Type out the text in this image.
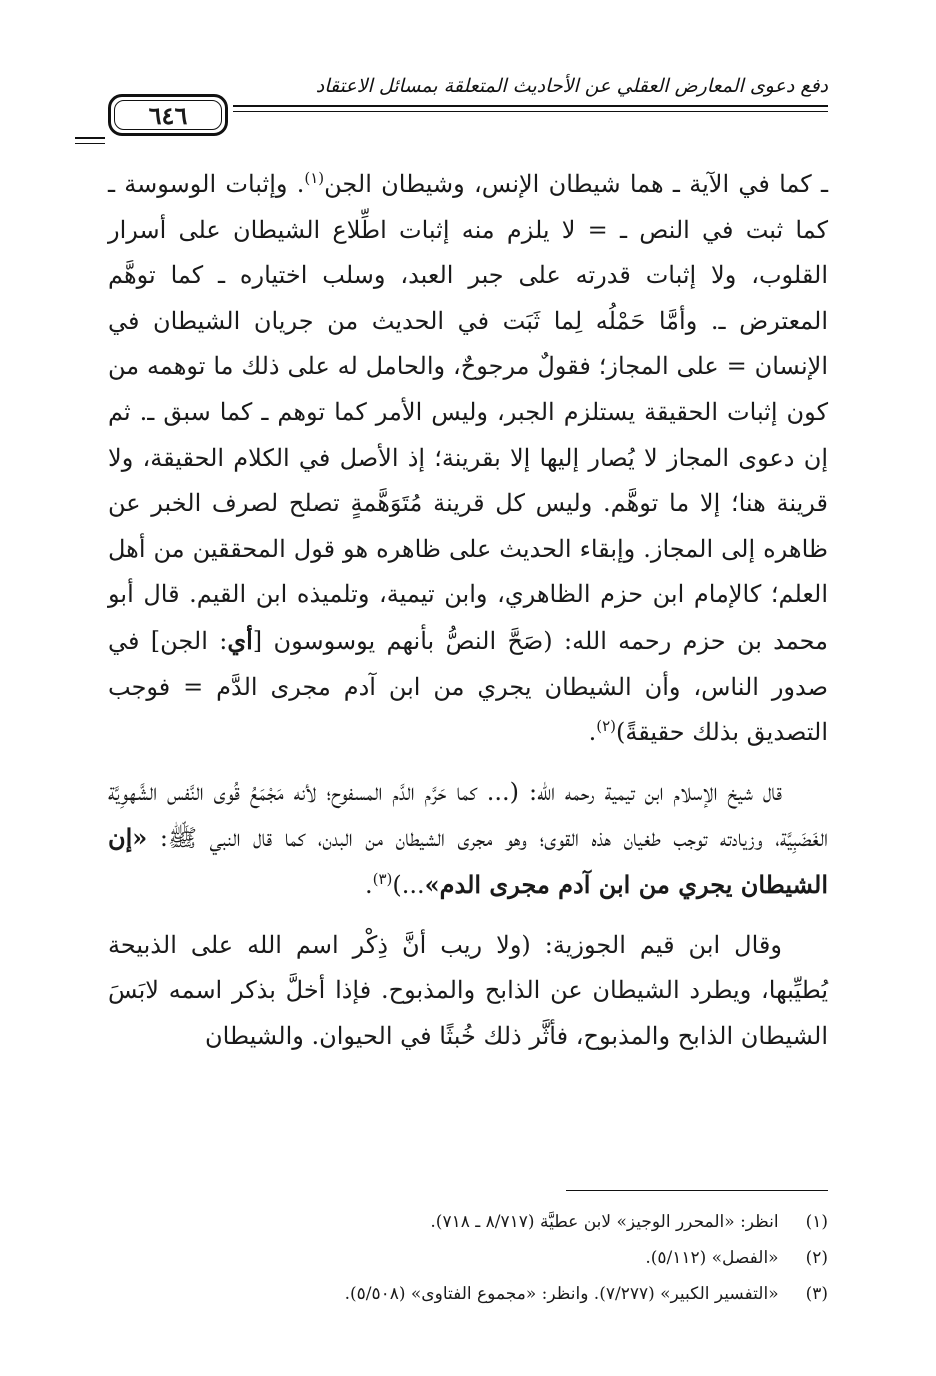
دفع دعوى المعارض العقلي عن الأحاديث المتعلقة بمسائل الاعتقاد
٦٤٦

ـ كما في الآية ـ هما شيطان الإنس، وشيطان الجن$^{(١)}$. وإثبات الوسوسة ـ كما ثبت في النص ـ = لا يلزم منه إثبات اطِّلاع الشيطان على أسرار القلوب، ولا إثبات قدرته على جبر العبد، وسلب اختياره ـ كما توهَّم المعترض ـ. وأمَّا حَمْلُه لِما ثَبَت في الحديث من جريان الشيطان في الإنسان = على المجاز؛ فقولٌ مرجوحٌ، والحامل له على ذلك ما توهمه من كون إثبات الحقيقة يستلزم الجبر، وليس الأمر كما توهم ـ كما سبق ـ. ثم إن دعوى المجاز لا يُصار إليها إلا بقرينة؛ إذ الأصل في الكلام الحقيقة، ولا قرينة هنا؛ إلا ما توهَّم. وليس كل قرينة مُتَوَهَّمةٍ تصلح لصرف الخبر عن ظاهره إلى المجاز. وإبقاء الحديث على ظاهره هو قول المحققين من أهل العلم؛ كالإمام ابن حزم الظاهري، وابن تيمية، وتلميذه ابن القيم. قال أبو محمد بن حزم رحمه الله: (صَحَّ النصُّ بأنهم يوسوسون [أي: الجن] في صدور الناس، وأن الشيطان يجري من ابن آدم مجرى الدَّم = فوجب التصديق بذلك حقيقةً)$^{(٢)}$.

قال شيخ الإسلام ابن تيمية رحمه الله: (... كما حَرَّم الدَّم المسفوح؛ لأنه مَجْمَعُ قُوى النَّفس الشَّهوِيَّة الغَضَبِيَّة، وزيادته توجب طغيان هذه القوى؛ وهو مجرى الشيطان من البدن، كما قال النبي ﷺ: «إن الشيطان يجري من ابن آدم مجرى الدم»...)$^{(٣)}$.

وقال ابن قيم الجوزية: (ولا ريب أنَّ ذِكْر اسم الله على الذبيحة يُطيِّبها، ويطرد الشيطان عن الذابح والمذبوح. فإذا أخلَّ بذكر اسمه لابَسَ الشيطان الذابح والمذبوح، فأثَّر ذلك خُبثًا في الحيوان. والشيطان

(١) انظر: «المحرر الوجيز» لابن عطيَّة (٨/٧١٧ ـ ٧١٨).
(٢) «الفصل» (٥/١١٢).
(٣) «التفسير الكبير» (٧/٢٧٧). وانظر: «مجموع الفتاوى» (٥/٥٠٨).
